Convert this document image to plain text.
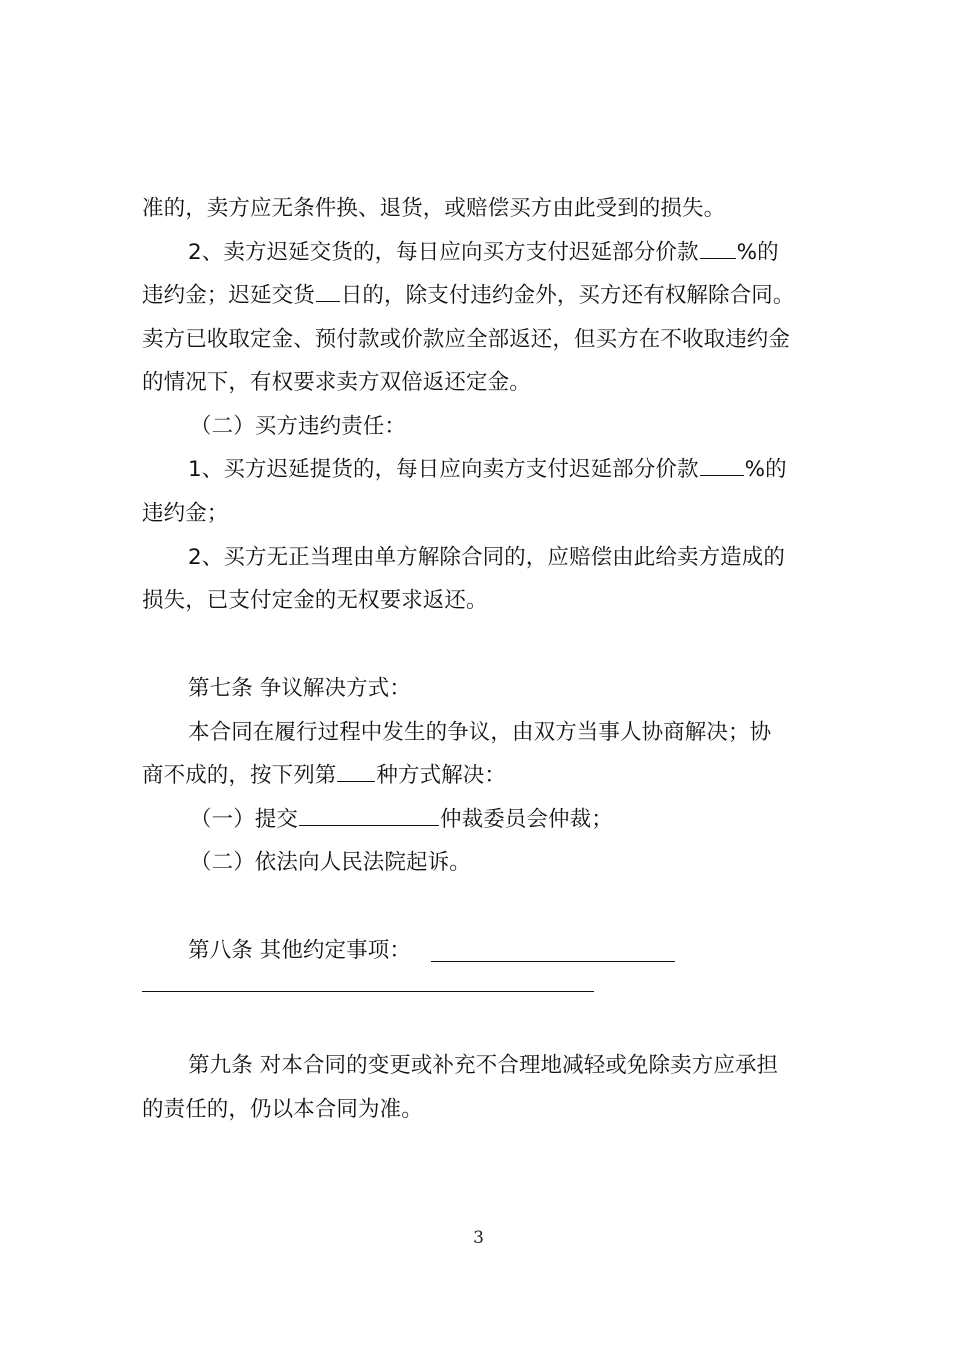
准的，卖方应无条件换、退货，或赔偿买方由此受到的损失。
2、卖方迟延交货的，每日应向买方支付迟延部分价款 %的
违约金；迟延交货 日的，除支付违约金外，买方还有权解除合同。
卖方已收取定金、预付款或价款应全部返还，但买方在不收取违约金
的情况下，有权要求卖方双倍返还定金。
（二）买方违约责任：
1、买方迟延提货的，每日应向卖方支付迟延部分价款 %的
违约金；
2、买方无正当理由单方解除合同的，应赔偿由此给卖方造成的
损失，已支付定金的无权要求返还。
第七条 争议解决方式：
本合同在履行过程中发生的争议，由双方当事人协商解决；协
商不成的，按下列第 种方式解决：
（一）提交	仲裁委员会仲裁；
（二）依法向人民法院起诉。
第八条 其他约定事项：
第九条 对本合同的变更或补充不合理地减轻或免除卖方应承担
的责任的，仍以本合同为准。
3
